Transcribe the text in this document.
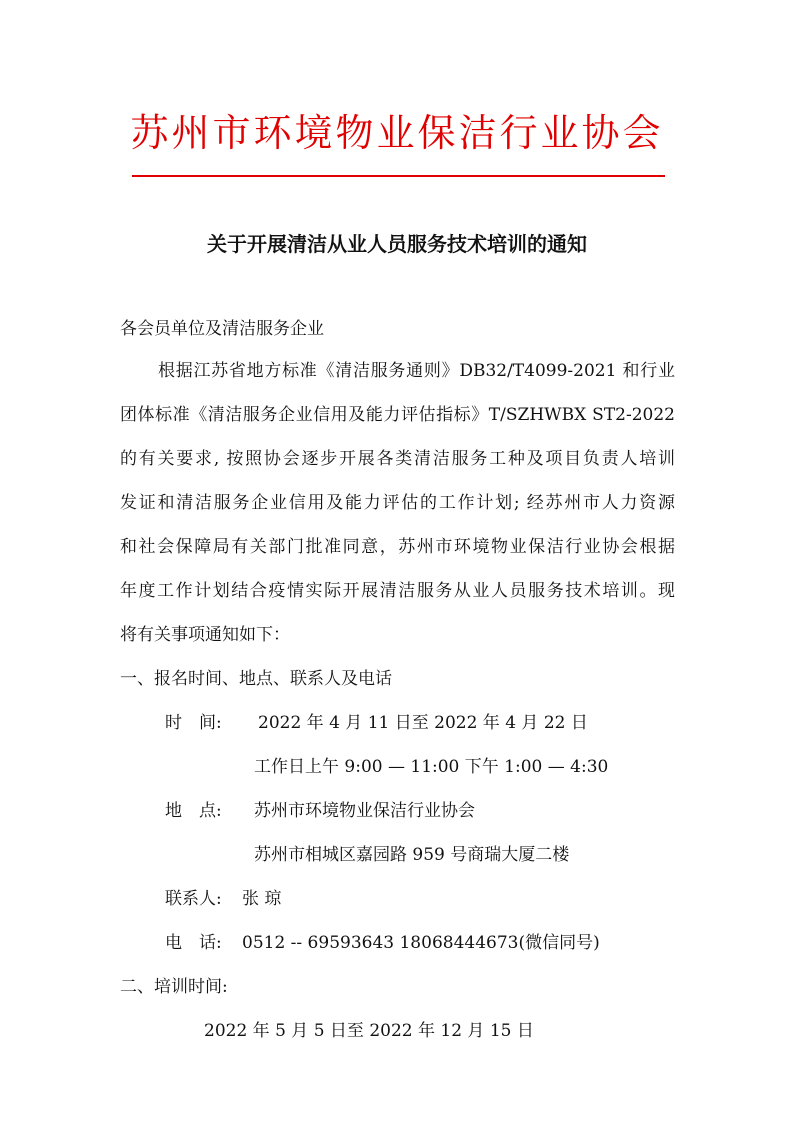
苏州市环境物业保洁行业协会
关于开展清洁从业人员服务技术培训的通知
各会员单位及清洁服务企业
根据江苏省地方标准《清洁服务通则》DB32/T4099-2021 和行业
团体标准《清洁服务企业信用及能力评估指标》T/SZHWBX ST2-2022
的有关要求, 按照协会逐步开展各类清洁服务工种及项目负责人培训
发证和清洁服务企业信用及能力评估的工作计划; 经苏州市人力资源
和社会保障局有关部门批准同意，苏州市环境物业保洁行业协会根据
年度工作计划结合疫情实际开展清洁服务从业人员服务技术培训。现
将有关事项通知如下：
一、报名时间、地点、联系人及电话
时　间: 2022 年 4 月 11 日至 2022 年 4 月 22 日
工作日上午 9:00 — 11:00 下午 1:00 — 4:30
地　点: 苏州市环境物业保洁行业协会
苏州市相城区嘉园路 959 号商瑞大厦二楼
联系人: 张 琼
电　话: 0512 -- 69593643 18068444673(微信同号)
二、培训时间:
2022 年 5 月 5 日至 2022 年 12 月 15 日
